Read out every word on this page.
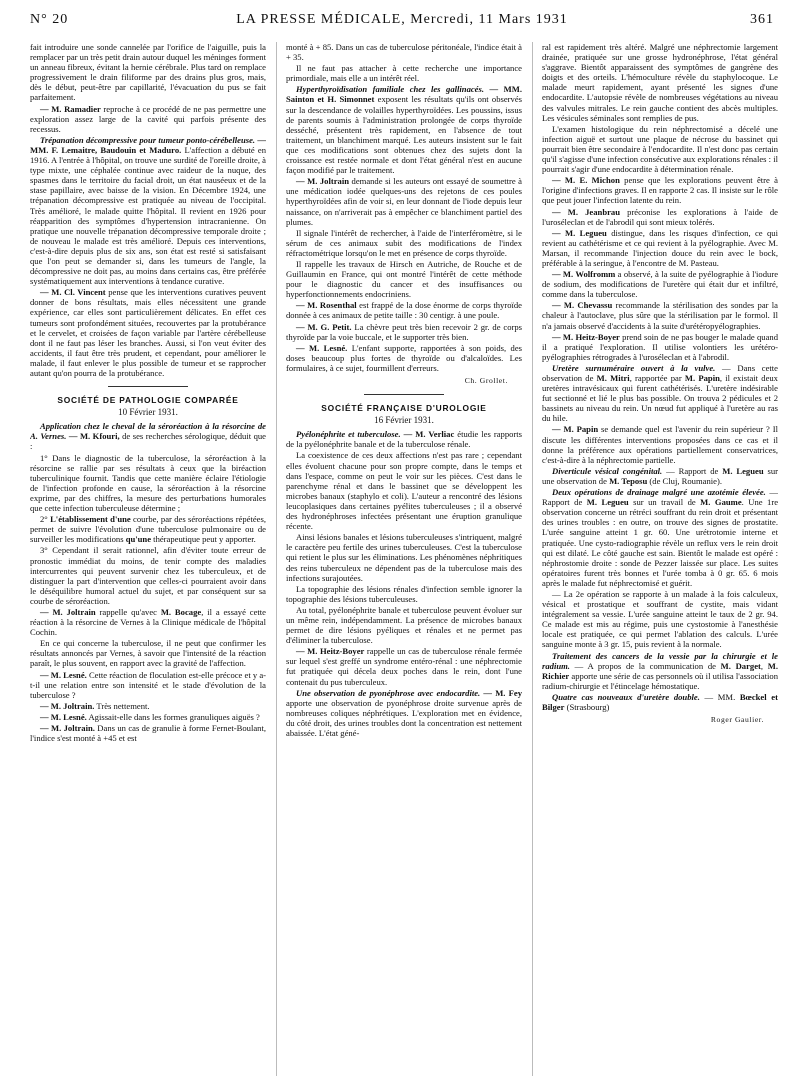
N° 20	LA PRESSE MÉDICALE, Mercredi, 11 Mars 1931	361

fait introduire une sonde cannelée par l'orifice de l'aiguille, puis la remplacer par un très petit drain autour duquel les méninges forment un anneau fibreux, évitant la hernie cérébrale. Plus tard on remplace progressivement le drain filiforme par des drains plus gros, mais, dès le début, peut-être par capillarité, l'évacuation du pus se fait parfaitement.

— M. Ramadier reproche à ce procédé de ne pas permettre une exploration assez large de la cavité qui parfois présente des recessus.

Trépanation décompressive pour tumeur ponto-cérébelleuse. — MM. F. Lemaitre, Baudouin et Maduro. L'affection a débuté en 1916. A l'entrée à l'hôpital, on trouve une surdité de l'oreille droite, à type mixte, une céphalée continue avec raideur de la nuque, des spasmes dans le territoire du facial droit, un état nauséeux et de la stase papillaire, avec baisse de la vision. En Décembre 1924, une trépanation décompressive est pratiquée au niveau de l'occipital. Très amélioré, le malade quitte l'hôpital. Il revient en 1926 pour réapparition des symptômes d'hypertension intracranienne. On pratique une nouvelle trépanation décompressive temporale droite ; de nouveau le malade est très amélioré. Depuis ces interventions, c'est-à-dire depuis plus de six ans, son état est resté si satisfaisant que l'on peut se demander si, dans les tumeurs de l'angle, la décompressive ne doit pas, au moins dans certains cas, être préférée systématiquement aux interventions à tendance curative.

— M. Cl. Vincent pense que les interventions curatives peuvent donner de bons résultats, mais elles nécessitent une grande expérience, car elles sont particulièrement délicates. En effet ces tumeurs sont profondément situées, recouvertes par la protubérance et le cervelet, et croisées de façon variable par l'artère cérébelleuse dont il ne faut pas léser les branches. Aussi, si l'on veut éviter des accidents, il faut être très prudent, et cependant, pour améliorer le malade, il faut enlever le plus possible de tumeur et se rapprocher autant qu'on pourra de la protubérance.

SOCIÉTÉ DE PATHOLOGIE COMPARÉE
10 Février 1931.

Application chez le cheval de la séroréaction à la résorcine de A. Vernes. — M. Kfouri, de ses recherches sérologique, déduit que :

1° Dans le diagnostic de la tuberculose, la séroréaction à la résorcine se rallie par ses résultats à ceux que la biréaction tuberculinique fournit. Tandis que cette manière éclaire l'étiologie de l'infection profonde en cause, la séroréaction à la résorcine exprime, par des chiffres, la mesure des perturbations humorales que cette infection tuberculeuse détermine ;

2° L'établissement d'une courbe, par des séroréactions répétées, permet de suivre l'évolution d'une tuberculose pulmonaire ou de surveiller les modifications qu'une thérapeutique peut y apporter.

3° Cependant il serait rationnel, afin d'éviter toute erreur de pronostic immédiat du moins, de tenir compte des maladies intercurrentes qui peuvent survenir chez les tuberculeux, et de distinguer la part d'intervention que celles-ci pourraient avoir dans le déséquilibre humoral actuel du sujet, et par conséquent sur sa courbe de séroréaction.

— M. Joltrain rappelle qu'avec M. Bocage, il a essayé cette réaction à la résorcine de Vernes à la Clinique médicale de l'hôpital Cochin.

En ce qui concerne la tuberculose, il ne peut que confirmer les résultats annoncés par Vernes, à savoir que l'intensité de la réaction paraît, le plus souvent, en rapport avec la gravité de l'affection.

— M. Lesné. Cette réaction de floculation est-elle précoce et y a-t-il une relation entre son intensité et le stade d'évolution de la tuberculose ?

— M. Joltrain. Très nettement.

— M. Lesné. Agissait-elle dans les formes granuliques aiguës ?

— M. Joltrain. Dans un cas de granulie à forme Fernet-Boulant, l'indice s'est monté à +45 et est

monté à + 85. Dans un cas de tuberculose péritonéale, l'indice était à + 35.

Il ne faut pas attacher à cette recherche une importance primordiale, mais elle a un intérêt réel.

Hyperthyroïdisation familiale chez les gallinacés. — MM. Sainton et H. Simonnet exposent les résultats qu'ils ont observés sur la descendance de volailles hyperthyroïdées. Les poussins, issus de parents soumis à l'administration prolongée de corps thyroïde desséché, présentent très rapidement, en l'absence de tout traitement, un blanchiment marqué. Les auteurs insistent sur le fait que ces modifications sont obtenues chez des sujets dont la croissance est restée normale et dont l'état général n'est en aucune façon modifié par le traitement.

— M. Joltrain demande si les auteurs ont essayé de soumettre à une médication iodée quelques-uns des rejetons de ces poules hyperthyroïdées afin de voir si, en leur donnant de l'iode depuis leur naissance, on n'arriverait pas à empêcher ce blanchiment partiel des plumes.

Il signale l'intérêt de rechercher, à l'aide de l'interféromètre, si le sérum de ces animaux subit des modifications de l'index réfractométrique lorsqu'on le met en présence de corps thyroïde.

Il rappelle les travaux de Hirsch en Autriche, de Rouche et de Guillaumin en France, qui ont montré l'intérêt de cette méthode pour le diagnostic du cancer et des insuffisances ou hyperfonctionnements endocriniens.

— M. Rosenthal est frappé de la dose énorme de corps thyroïde donnée à ces animaux de petite taille : 30 centigr. à une poule.

— M. G. Petit. La chèvre peut très bien recevoir 2 gr. de corps thyroïde par la voie buccale, et le supporter très bien.

— M. Lesné. L'enfant supporte, rapportées à son poids, des doses beaucoup plus fortes de thyroïde ou d'alcaloïdes. Les formulaires, à ce sujet, fourmillent d'erreurs.

Ch. Grollet.
SOCIÉTÉ FRANÇAISE D'UROLOGIE
16 Février 1931.

Pyélonéphrite et tuberculose. — M. Verliac étudie les rapports de la pyélonéphrite banale et de la tuberculose rénale.

La coexistence de ces deux affections n'est pas rare ; cependant elles évoluent chacune pour son propre compte, dans le temps et dans l'espace, comme on peut le voir sur les pièces. C'est dans le parenchyme rénal et dans le bassinet que se développent les microbes banaux (staphylo et coli). L'auteur a rencontré des lésions leucoplasiques dans certaines pyélites tuberculeuses ; il a observé des hydronéphroses infectées présentant une éruption granulique récente.

Ainsi lésions banales et lésions tuberculeuses s'intriquent, malgré le caractère peu fertile des urines tuberculeuses. C'est la tuberculose qui retient le plus sur les éliminations. Les phénomènes néphritiques des reins tuberculeux ne dépendent pas de la tuberculose mais des infections surajoutées.

La topographie des lésions rénales d'infection semble ignorer la topographie des lésions tuberculeuses.

Au total, pyélonéphrite banale et tuberculose peuvent évoluer sur un même rein, indépendamment. La présence de microbes banaux permet de dire lésions pyéliques et rénales et ne permet pas d'éliminer la tuberculose.

— M. Heitz-Boyer rappelle un cas de tuberculose rénale fermée sur lequel s'est greffé un syndrome entéro-rénal : une néphrectomie fut pratiquée qui décela deux poches dans le rein, dont l'une contenait du pus tuberculeux.

Une observation de pyonéphrose avec endocardite. — M. Fey apporte une observation de pyonéphrose droite survenue après de nombreuses coliques néphrétiques. L'exploration met en évidence, du côté droit, des urines troubles dont la concentration est nettement abaissée. L'état géné-

ral est rapidement très altéré. Malgré une néphrectomie largement drainée, pratiquée sur une grosse hydronéphrose, l'état général s'aggrave. Bientôt apparaissent des symptômes de gangrène des doigts et des orteils. L'hémoculture révèle du staphylocoque. Le malade meurt rapidement, ayant présenté les signes d'une endocardite. L'autopsie révèle de nombreuses végétations au niveau des valvules mitrales. Le rein gauche contient des abcès multiples. Les vésicules séminales sont remplies de pus.

L'examen histologique du rein néphrectomisé a décelé une infection aiguë et surtout une plaque de nécrose du bassinet qui pourrait bien être secondaire à l'endocardite. Il n'est donc pas certain qu'il s'agisse d'une infection consécutive aux explorations rénales : il pourrait s'agir d'une endocardite à détermination rénale.

— M. E. Michon pense que les explorations peuvent être à l'origine d'infections graves. Il en rapporte 2 cas. Il insiste sur le rôle que peut jouer l'infection latente du rein.

— M. Jeanbrau préconise les explorations à l'aide de l'uroséleclan et de l'abrodil qui sont mieux tolérés.

— M. Legueu distingue, dans les risques d'infection, ce qui revient au cathétérisme et ce qui revient à la pyélographie. Avec M. Marsan, il recommande l'injection douce du rein avec le bock, préférable à la seringue, à l'encontre de M. Pasteau.

— M. Wolfromm a observé, à la suite de pyélographie à l'iodure de sodium, des modifications de l'uretère qui était dur et infiltré, comme dans la tuberculose.

— M. Chevassu recommande la stérilisation des sondes par la chaleur à l'autoclave, plus sûre que la stérilisation par le formol. Il n'a jamais observé d'accidents à la suite d'urétéropyélographies.

— M. Heitz-Boyer prend soin de ne pas bouger le malade quand il a pratiqué l'exploration. Il utilise volontiers les urétéro-pyélographies rétrogrades à l'uroséleclan et à l'abrodil.

Uretère surnuméraire ouvert à la vulve. — Dans cette observation de M. Mitri, rapportée par M. Papin, il existait deux uretères intravésicaux qui furent cathétérisés. L'uretère indésirable fut sectionné et lié le plus bas possible. On trouva 2 pédicules et 2 bassinets au niveau du rein. Un nœud fut appliqué à l'uretère au ras du hile.

— M. Papin se demande quel est l'avenir du rein supérieur ? Il discute les différentes interventions proposées dans ce cas et il donne la préférence aux opérations partiellement conservatrices, c'est-à-dire à la néphrectomie partielle.

Diverticule vésical congénital. — Rapport de M. Legueu sur une observation de M. Teposu (de Cluj, Roumanie).

Deux opérations de drainage malgré une azotémie élevée. — Rapport de M. Legueu sur un travail de M. Gaume. Une 1re observation concerne un rétréci souffrant du rein droit et présentant des urines troubles : en outre, on trouve des signes de prostatite. L'urée sanguine atteint 1 gr. 60. Une urétrotomie interne et pratiquée. Une cysto-radiographie révèle un reflux vers le rein droit qui est dilaté. Le côté gauche est sain. Bientôt le malade est opéré : néphrostomie droite : sonde de Pezzer laissée sur place. Les suites opératoires furent très bonnes et l'urée tomba à 0 gr. 65. 6 mois après le malade fut néphrectomisé et guérit.

— La 2e opération se rapporte à un malade à la fois calculeux, vésical et prostatique et souffrant de cystite, mais vidant intégralement sa vessie. L'urée sanguine atteint le taux de 2 gr. 94. Ce malade est mis au régime, puis une cystostomie à l'anesthésie locale est pratiquée, ce qui permet l'ablation des calculs. L'urée sanguine monte à 3 gr. 15, puis revient à la normale.

Traitement des cancers de la vessie par la chirurgie et le radium. — A propos de la communication de M. Darget, M. Richier apporte une série de cas personnels où il utilisa l'association radium-chirurgie et l'étincelage hémostatique.

Quatre cas nouveaux d'uretère double. — MM. Bœckel et Bilger (Strasbourg)

Roger Gaulier.
